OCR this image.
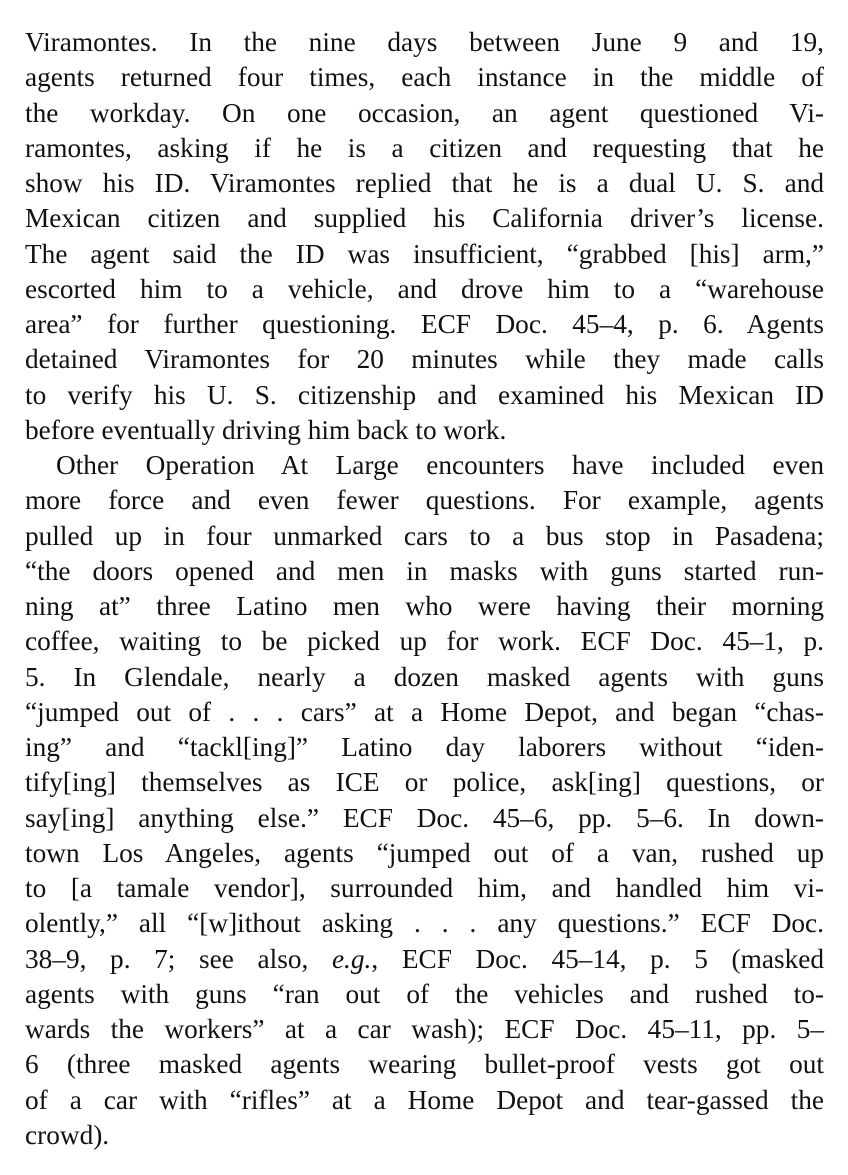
Viramontes. In the nine days between June 9 and 19,
agents returned four times, each instance in the middle of
the workday. On one occasion, an agent questioned Vi-
ramontes, asking if he is a citizen and requesting that he
show his ID. Viramontes replied that he is a dual U. S. and
Mexican citizen and supplied his California driver’s license.
The agent said the ID was insufficient, “grabbed [his] arm,”
escorted him to a vehicle, and drove him to a “warehouse
area” for further questioning. ECF Doc. 45–4, p. 6. Agents
detained Viramontes for 20 minutes while they made calls
to verify his U. S. citizenship and examined his Mexican ID
before eventually driving him back to work.
Other Operation At Large encounters have included even
more force and even fewer questions. For example, agents
pulled up in four unmarked cars to a bus stop in Pasadena;
“the doors opened and men in masks with guns started run-
ning at” three Latino men who were having their morning
coffee, waiting to be picked up for work. ECF Doc. 45–1, p.
5. In Glendale, nearly a dozen masked agents with guns
“jumped out of . . . cars” at a Home Depot, and began “chas-
ing” and “tackl[ing]” Latino day laborers without “iden-
tify[ing] themselves as ICE or police, ask[ing] questions, or
say[ing] anything else.” ECF Doc. 45–6, pp. 5–6. In down-
town Los Angeles, agents “jumped out of a van, rushed up
to [a tamale vendor], surrounded him, and handled him vi-
olently,” all “[w]ithout asking . . . any questions.” ECF Doc.
38–9, p. 7; see also, e.g., ECF Doc. 45–14, p. 5 (masked
agents with guns “ran out of the vehicles and rushed to-
wards the workers” at a car wash); ECF Doc. 45–11, pp. 5–
6 (three masked agents wearing bullet-proof vests got out
of a car with “rifles” at a Home Depot and tear-gassed the
crowd).
